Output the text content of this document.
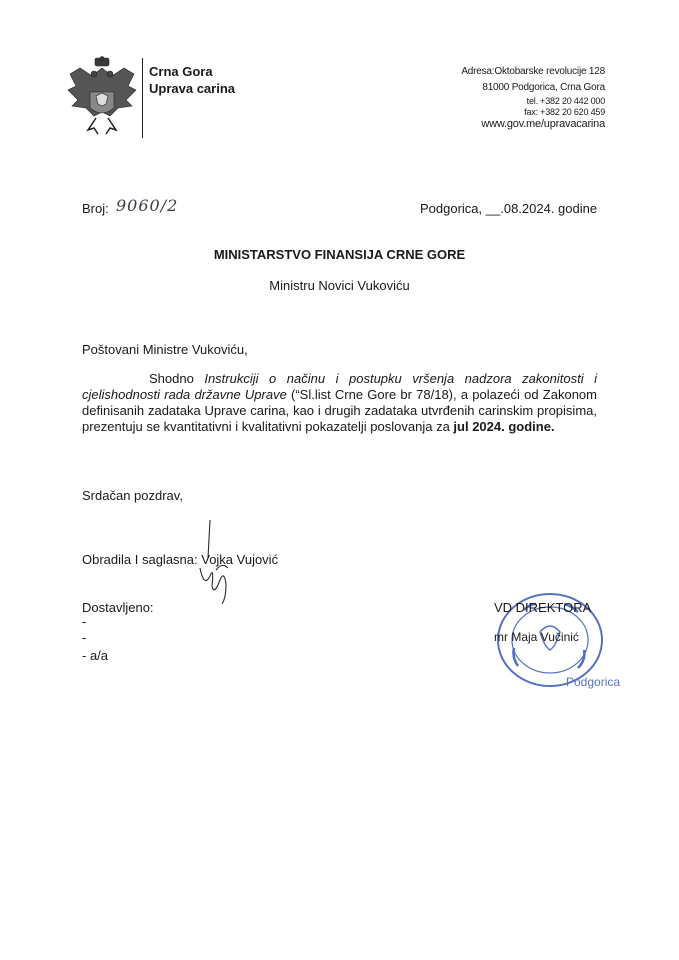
Crna Gora
Uprava carina
Adresa:Oktobarske revolucije 128
81000 Podgorica, Crna Gora
tel. +382 20 442 000
fax: +382 20 620 459
www.gov.me/upravacarina
Broj: 9060/2	Podgorica, __.08.2024. godine
MINISTARSTVO FINANSIJA CRNE GORE
Ministru Novici Vukoviću
Poštovani Ministre Vukoviću,
Shodno Instrukciji o načinu i postupku vršenja nadzora zakonitosti i cjelishodnosti rada državne Uprave (“Sl.list Crne Gore br 78/18), a polazeći od Zakonom definisanih zadataka Uprave carina, kao i drugih zadataka utvrđenih carinskim propisima, prezentuju se kvantitativni i kvalitativni pokazatelji poslovanja za jul 2024. godine.
Srdačan pozdrav,
Obradila I saglasna: Vojka Vujović
Dostavljeno:
-
-
- a/a
Podgorica
VD DIREKTORA
mr Maja Vučinić
